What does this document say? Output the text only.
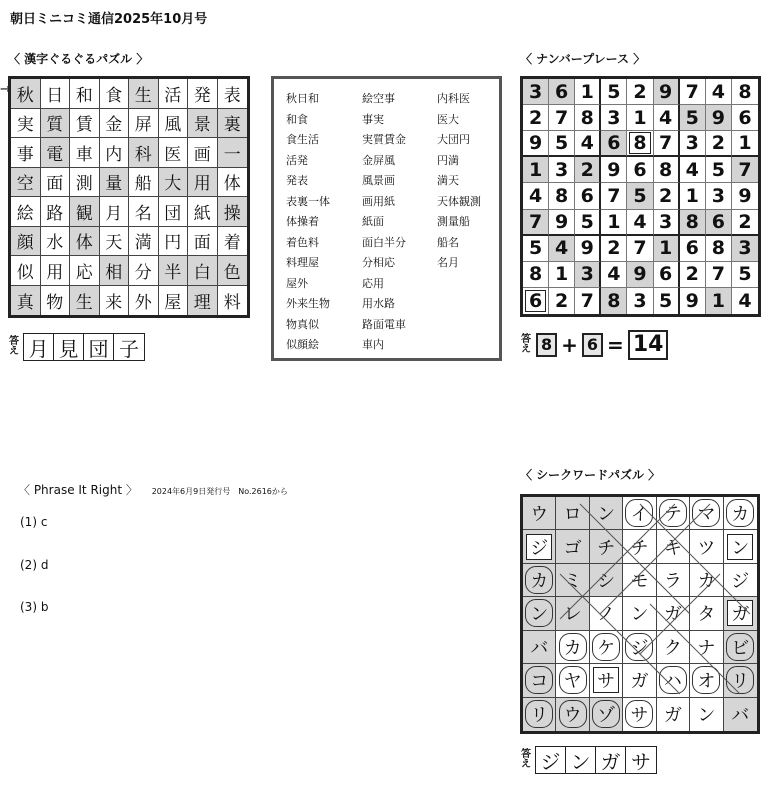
朝日ミニコミ通信2025年10月号
〈 漢字ぐるぐるパズル 〉
→ 秋 日 和 食 生 活 発 表
実 質 賃 金 屏 風 景 裏
事 電 車 内 科 医 画 一
空 面 測 量 船 大 用 体
絵 路 観 月 名 団 紙 操
顔 水 体 天 満 円 面 着
似 用 応 相 分 半 白 色
真 物 生 来 外 屋 理 料
答え 月 見 団 子
秋日和
和食
食生活
活発
発表
表裏一体
体操着
着色料
料理屋
屋外
外来生物
物真似
似顔絵
絵空事
事実
実質賃金
金屏風
風景画
画用紙
紙面
面白半分
分相応
応用
用水路
路面電車
車内
内科医
医大
大団円
円満
満天
天体観測
測量船
船名
名月
〈 ナンバープレース 〉
3 6 1 5 2 9 7 4 8
2 7 8 3 1 4 5 9 6
9 5 4 6 8 7 3 2 1
1 3 2 9 6 8 4 5 7
4 8 6 7 5 2 1 3 9
7 9 5 1 4 3 8 6 2
5 4 9 2 7 1 6 8 3
8 1 3 4 9 6 2 7 5
6 2 7 8 3 5 9 1 4
答え 8 + 6 = 14
〈 Phrase It Right 〉 2024年6月9日発行号　No.2616から
(1) c
(2) d
(3) b
〈 シークワードパズル 〉
ウ ロ ン イ テ マ カ
ジ ゴ チ チ キ ツ ン
カ ミ シ モ ラ カ ジ
ン レ ノ ン ガ タ ガ
バ カ ケ ジ ク ナ ビ
コ ヤ サ ガ ハ オ リ
リ ウ ゾ サ ガ ン バ
答え ジ ン ガ サ
